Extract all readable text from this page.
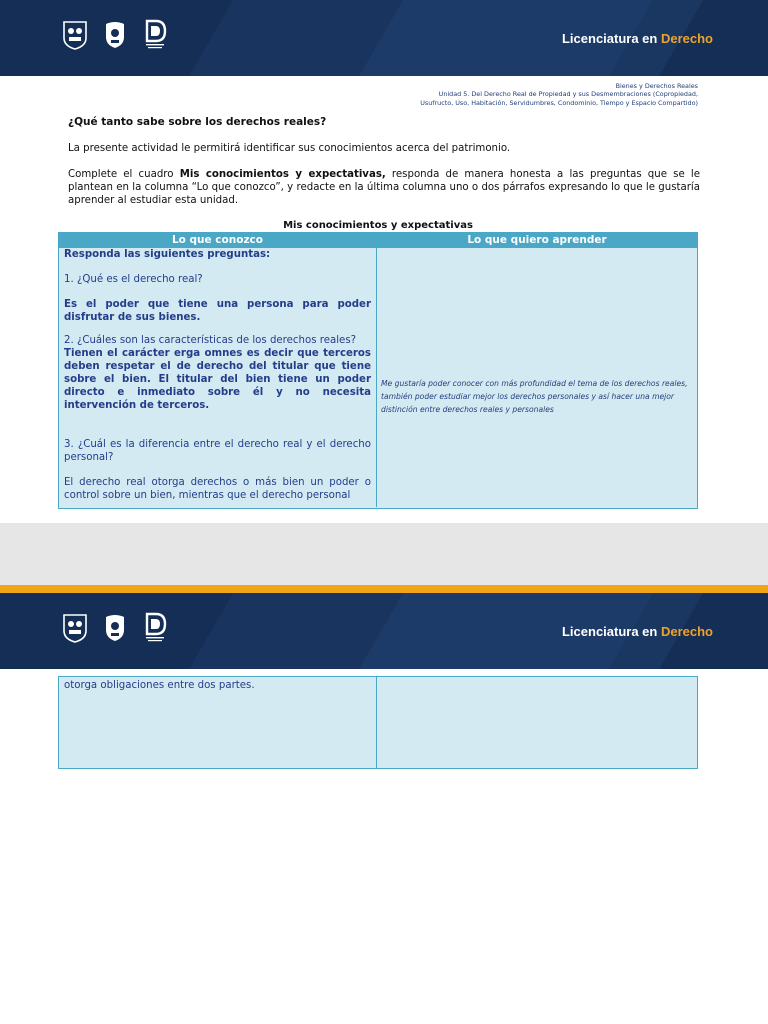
Licenciatura en Derecho
Bienes y Derechos Reales
Unidad 5. Del Derecho Real de Propiedad y sus Desmembraciones (Copropiedad,
Usufructo, Uso, Habitación, Servidumbres, Condominio, Tiempo y Espacio Compartido)
¿Qué tanto sabe sobre los derechos reales?
La presente actividad le permitirá identificar sus conocimientos acerca del patrimonio.
Complete el cuadro Mis conocimientos y expectativas, responda de manera honesta a las preguntas que se le plantean en la columna “Lo que conozco”, y redacte en la última columna uno o dos párrafos expresando lo que le gustaría aprender al estudiar esta unidad.
Mis conocimientos y expectativas
Lo que conozco	Lo que quiero aprender
Responda las siguientes preguntas:
1. ¿Qué es el derecho real?
Es el poder que tiene una persona para poder disfrutar de sus bienes.
2. ¿Cuáles son las características de los derechos reales?
Tienen el carácter erga omnes es decir que terceros deben respetar el de derecho del titular que tiene sobre el bien. El titular del bien tiene un poder directo e inmediato sobre él y no necesita intervención de terceros.
3. ¿Cuál es la diferencia entre el derecho real y el derecho personal?
El derecho real otorga derechos o más bien un poder o control sobre un bien, mientras que el derecho personal
Me gustaría poder conocer con más profundidad el tema de los derechos reales, también poder estudiar mejor los derechos personales y así hacer una mejor distinción entre derechos reales y personales
Licenciatura en Derecho
otorga obligaciones entre dos partes.
